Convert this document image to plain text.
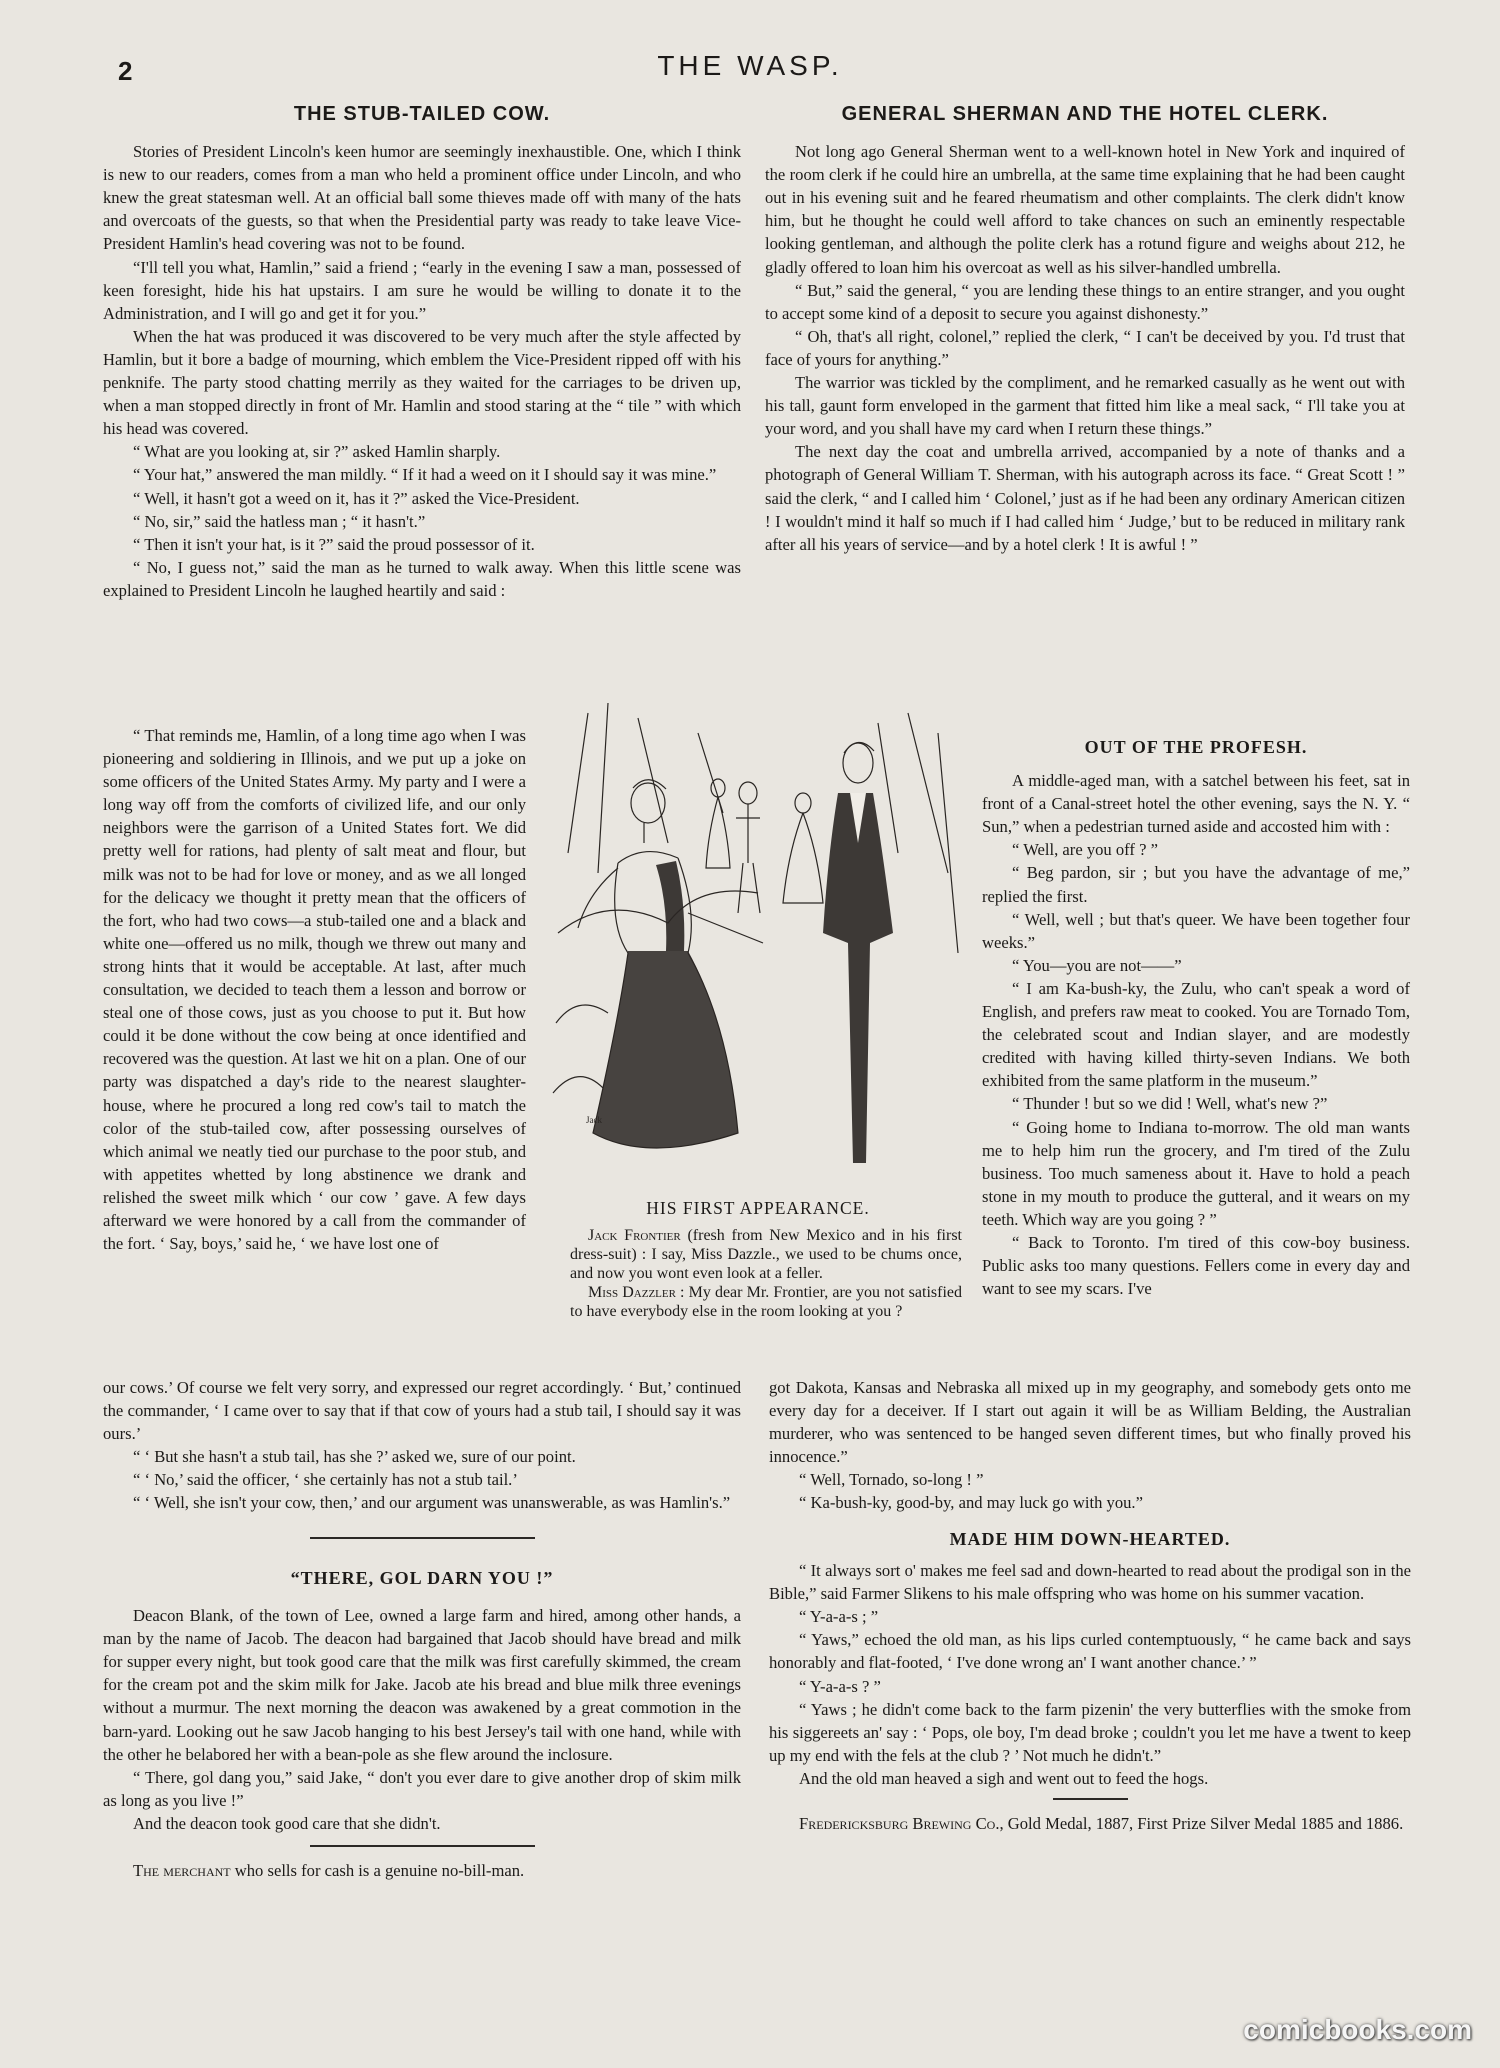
2	THE WASP.
THE STUB-TAILED COW.

Stories of President Lincoln's keen humor are seemingly inexhaustible. One, which I think is new to our readers, comes from a man who held a prominent office under Lincoln, and who knew the great statesman well. At an official ball some thieves made off with many of the hats and overcoats of the guests, so that when the Presidential party was ready to take leave Vice-President Hamlin's head covering was not to be found.

“I'll tell you what, Hamlin,” said a friend ; “early in the evening I saw a man, possessed of keen foresight, hide his hat upstairs. I am sure he would be willing to donate it to the Administration, and I will go and get it for you.”

When the hat was produced it was discovered to be very much after the style affected by Hamlin, but it bore a badge of mourning, which emblem the Vice-President ripped off with his penknife. The party stood chatting merrily as they waited for the carriages to be driven up, when a man stopped directly in front of Mr. Hamlin and stood staring at the “ tile ” with which his head was covered.

“ What are you looking at, sir ?” asked Hamlin sharply.

“ Your hat,” answered the man mildly. “ If it had a weed on it I should say it was mine.”

“ Well, it hasn't got a weed on it, has it ?” asked the Vice-President.

“ No, sir,” said the hatless man ; “ it hasn't.”

“ Then it isn't your hat, is it ?” said the proud possessor of it.

“ No, I guess not,” said the man as he turned to walk away. When this little scene was explained to President Lincoln he laughed heartily and said :

“ That reminds me, Hamlin, of a long time ago when I was pioneering and soldiering in Illinois, and we put up a joke on some officers of the United States Army. My party and I were a long way off from the comforts of civilized life, and our only neighbors were the garrison of a United States fort. We did pretty well for rations, had plenty of salt meat and flour, but milk was not to be had for love or money, and as we all longed for the delicacy we thought it pretty mean that the officers of the fort, who had two cows—a stub-tailed one and a black and white one—offered us no milk, though we threw out many and strong hints that it would be acceptable. At last, after much consultation, we decided to teach them a lesson and borrow or steal one of those cows, just as you choose to put it. But how could it be done without the cow being at once identified and recovered was the question. At last we hit on a plan. One of our party was dispatched a day's ride to the nearest slaughter-house, where he procured a long red cow's tail to match the color of the stub-tailed cow, after possessing ourselves of which animal we neatly tied our purchase to the poor stub, and with appetites whetted by long abstinence we drank and relished the sweet milk which ‘ our cow ’ gave. A few days afterward we were honored by a call from the commander of the fort. ‘ Say, boys,’ said he, ‘ we have lost one of

our cows.’ Of course we felt very sorry, and expressed our regret accordingly. ‘ But,’ continued the commander, ‘ I came over to say that if that cow of yours had a stub tail, I should say it was ours.’

“ ‘ But she hasn't a stub tail, has she ?’ asked we, sure of our point.

“ ‘ No,’ said the officer, ‘ she certainly has not a stub tail.’

“ ‘ Well, she isn't your cow, then,’ and our argument was unanswerable, as was Hamlin's.”

“THERE, GOL DARN YOU !”

Deacon Blank, of the town of Lee, owned a large farm and hired, among other hands, a man by the name of Jacob. The deacon had bargained that Jacob should have bread and milk for supper every night, but took good care that the milk was first carefully skimmed, the cream for the cream pot and the skim milk for Jake. Jacob ate his bread and blue milk three evenings without a murmur. The next morning the deacon was awakened by a great commotion in the barn-yard. Looking out he saw Jacob hanging to his best Jersey's tail with one hand, while with the other he belabored her with a bean-pole as she flew around the inclosure.

“ There, gol dang you,” said Jake, “ don't you ever dare to give another drop of skim milk as long as you live !”

And the deacon took good care that she didn't.

The merchant who sells for cash is a genuine no-bill-man.

GENERAL SHERMAN AND THE HOTEL CLERK.

Not long ago General Sherman went to a well-known hotel in New York and inquired of the room clerk if he could hire an umbrella, at the same time explaining that he had been caught out in his evening suit and he feared rheumatism and other complaints. The clerk didn't know him, but he thought he could well afford to take chances on such an eminently respectable looking gentleman, and although the polite clerk has a rotund figure and weighs about 212, he gladly offered to loan him his overcoat as well as his silver-handled umbrella.

“ But,” said the general, “ you are lending these things to an entire stranger, and you ought to accept some kind of a deposit to secure you against dishonesty.”

“ Oh, that's all right, colonel,” replied the clerk, “ I can't be deceived by you. I'd trust that face of yours for anything.”

The warrior was tickled by the compliment, and he remarked casually as he went out with his tall, gaunt form enveloped in the garment that fitted him like a meal sack, “ I'll take you at your word, and you shall have my card when I return these things.”

The next day the coat and umbrella arrived, accompanied by a note of thanks and a photograph of General William T. Sherman, with his autograph across its face. “ Great Scott ! ” said the clerk, “ and I called him ‘ Colonel,’ just as if he had been any ordinary American citizen ! I wouldn't mind it half so much if I had called him ‘ Judge,’ but to be reduced in military rank after all his years of service—and by a hotel clerk ! It is awful ! ”

Jack
HIS FIRST APPEARANCE.

Jack Frontier (fresh from New Mexico and in his first dress-suit) : I say, Miss Dazzle., we used to be chums once, and now you wont even look at a feller.

Miss Dazzler : My dear Mr. Frontier, are you not satisfied to have everybody else in the room looking at you ?

OUT OF THE PROFESH.

A middle-aged man, with a satchel between his feet, sat in front of a Canal-street hotel the other evening, says the N. Y. “ Sun,” when a pedestrian turned aside and accosted him with :

“ Well, are you off ? ”

“ Beg pardon, sir ; but you have the advantage of me,” replied the first.

“ Well, well ; but that's queer. We have been together four weeks.”

“ You—you are not——”

“ I am Ka-bush-ky, the Zulu, who can't speak a word of English, and prefers raw meat to cooked. You are Tornado Tom, the celebrated scout and Indian slayer, and are modestly credited with having killed thirty-seven Indians. We both exhibited from the same platform in the museum.”

“ Thunder ! but so we did ! Well, what's new ?”

“ Going home to Indiana to-morrow. The old man wants me to help him run the grocery, and I'm tired of the Zulu business. Too much sameness about it. Have to hold a peach stone in my mouth to produce the gutteral, and it wears on my teeth. Which way are you going ? ”

“ Back to Toronto. I'm tired of this cow-boy business. Public asks too many questions. Fellers come in every day and want to see my scars. I've

got Dakota, Kansas and Nebraska all mixed up in my geography, and somebody gets onto me every day for a deceiver. If I start out again it will be as William Belding, the Australian murderer, who was sentenced to be hanged seven different times, but who finally proved his innocence.”

“ Well, Tornado, so-long ! ”

“ Ka-bush-ky, good-by, and may luck go with you.”

MADE HIM DOWN-HEARTED.

“ It always sort o' makes me feel sad and down-hearted to read about the prodigal son in the Bible,” said Farmer Slikens to his male offspring who was home on his summer vacation.

“ Y-a-a-s ; ”

“ Yaws,” echoed the old man, as his lips curled contemptuously, “ he came back and says honorably and flat-footed, ‘ I've done wrong an' I want another chance.’ ”

“ Y-a-a-s ? ”

“ Yaws ; he didn't come back to the farm pizenin' the very butterflies with the smoke from his siggereets an' say : ‘ Pops, ole boy, I'm dead broke ; couldn't you let me have a twent to keep up my end with the fels at the club ? ’ Not much he didn't.”

And the old man heaved a sigh and went out to feed the hogs.

Fredericksburg Brewing Co., Gold Medal, 1887, First Prize Silver Medal 1885 and 1886.

comicbooks.com
